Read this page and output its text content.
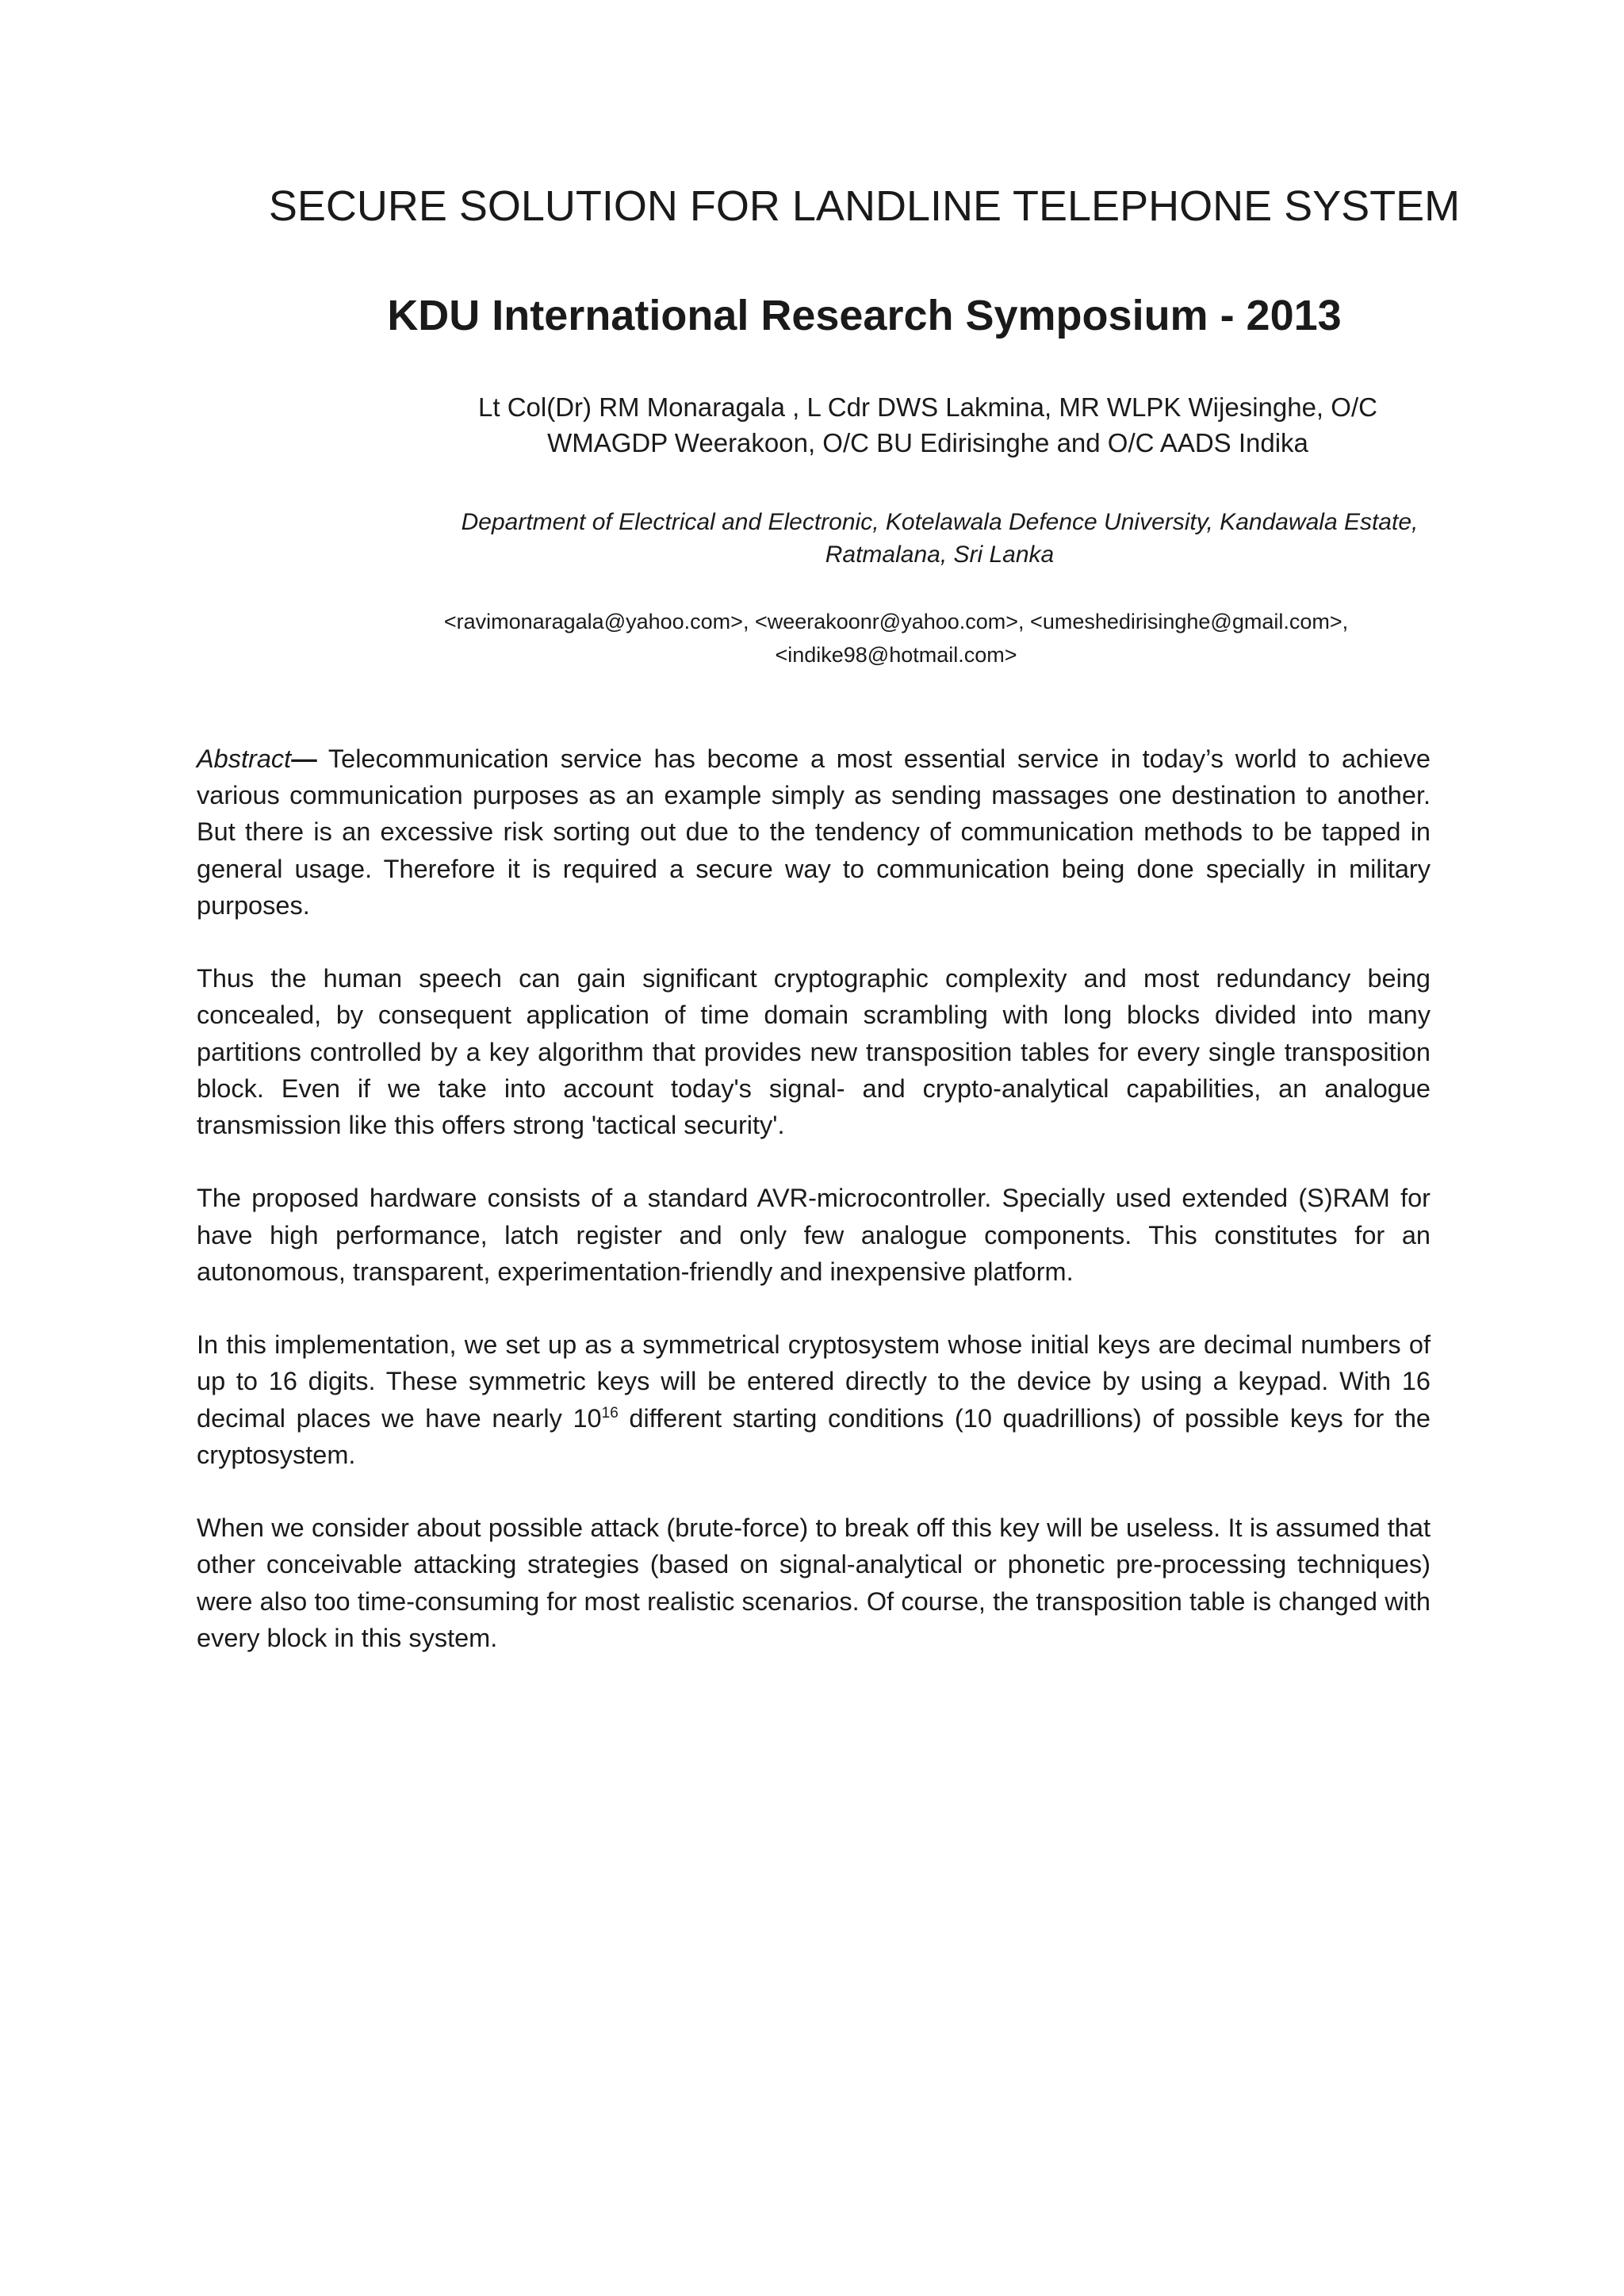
SECURE SOLUTION FOR LANDLINE TELEPHONE SYSTEM
KDU International Research Symposium - 2013
Lt Col(Dr) RM Monaragala , L Cdr DWS Lakmina, MR WLPK Wijesinghe, O/C
WMAGDP Weerakoon, O/C BU Edirisinghe and O/C AADS Indika
Department of Electrical and Electronic, Kotelawala Defence University, Kandawala Estate,
Ratmalana, Sri Lanka
<ravimonaragala@yahoo.com>, <weerakoonr@yahoo.com>, <umeshedirisinghe@gmail.com>,
<indike98@hotmail.com>

Abstract— Telecommunication service has become a most essential service in today’s world to achieve various communication purposes as an example simply as sending massages one destination to another. But there is an excessive risk sorting out due to the tendency of communication methods to be tapped in general usage. Therefore it is required a secure way to communication being done specially in military purposes.

Thus the human speech can gain significant cryptographic complexity and most redundancy being concealed, by consequent application of time domain scrambling with long blocks divided into many partitions controlled by a key algorithm that provides new transposition tables for every single transposition block. Even if we take into account today's signal- and crypto-analytical capabilities, an analogue transmission like this offers strong 'tactical security'.

The proposed hardware consists of a standard AVR-microcontroller. Specially used extended (S)RAM for have high performance, latch register and only few analogue components. This constitutes for an autonomous, transparent, experimentation-friendly and inexpensive platform.

In this implementation, we set up as a symmetrical cryptosystem whose initial keys are decimal numbers of up to 16 digits. These symmetric keys will be entered directly to the device by using a keypad. With 16 decimal places we have nearly $10^{16}$ different starting conditions (10 quadrillions) of possible keys for the cryptosystem.

When we consider about possible attack (brute-force) to break off this key will be useless. It is assumed that other conceivable attacking strategies (based on signal-analytical or phonetic pre-processing techniques) were also too time-consuming for most realistic scenarios. Of course, the transposition table is changed with every block in this system.
